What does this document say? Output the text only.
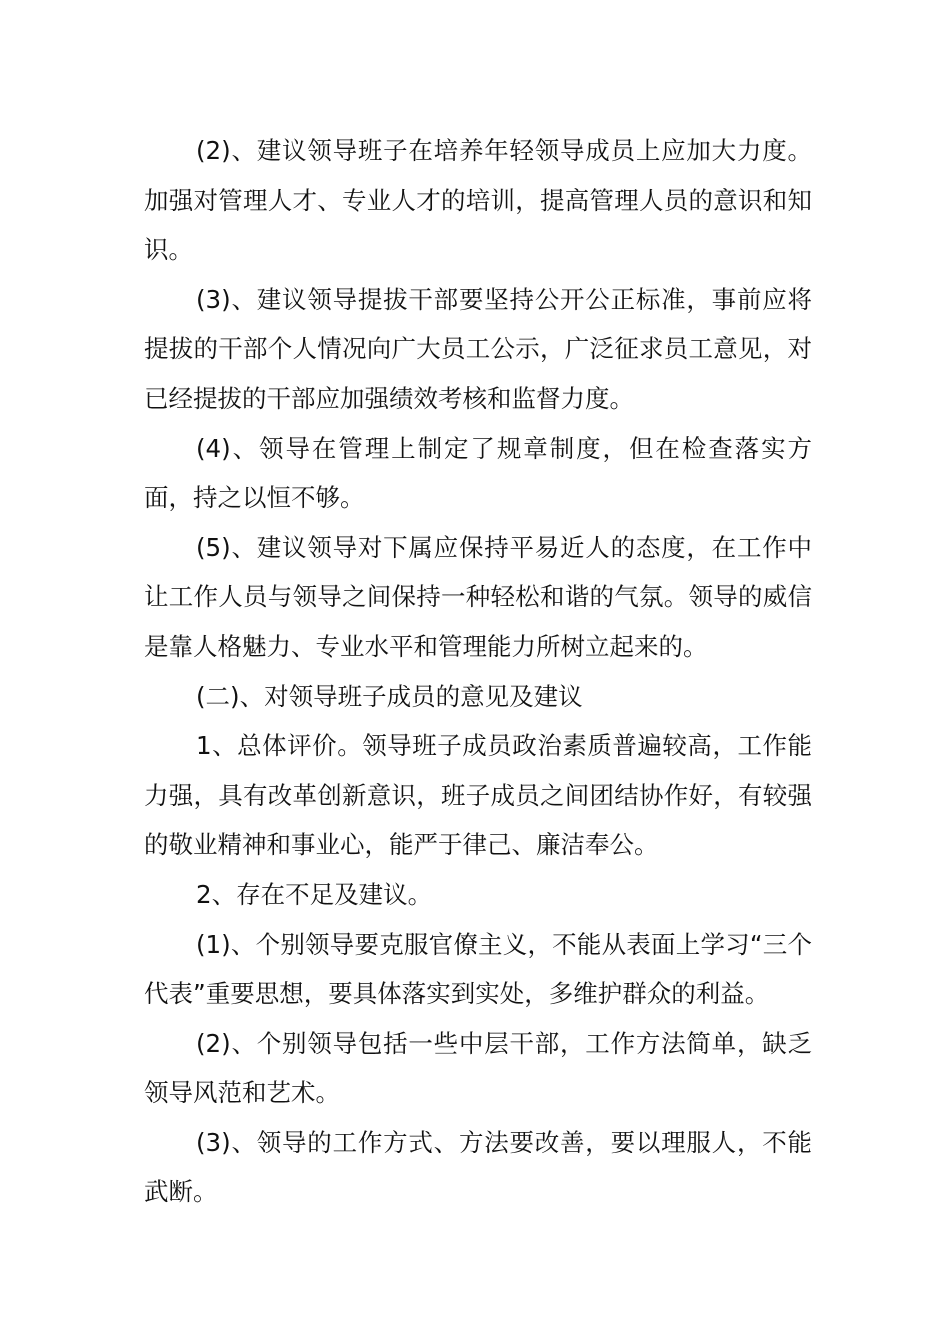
(2)、建议领导班子在培养年轻领导成员上应加大力度。加强对管理人才、专业人才的培训，提高管理人员的意识和知识。

(3)、建议领导提拔干部要坚持公开公正标准，事前应将提拔的干部个人情况向广大员工公示，广泛征求员工意见，对已经提拔的干部应加强绩效考核和监督力度。

(4)、领导在管理上制定了规章制度，但在检查落实方面，持之以恒不够。

(5)、建议领导对下属应保持平易近人的态度，在工作中让工作人员与领导之间保持一种轻松和谐的气氛。领导的威信是靠人格魅力、专业水平和管理能力所树立起来的。

(二)、对领导班子成员的意见及建议

1、总体评价。领导班子成员政治素质普遍较高，工作能力强，具有改革创新意识，班子成员之间团结协作好，有较强的敬业精神和事业心，能严于律己、廉洁奉公。

2、存在不足及建议。

(1)、个别领导要克服官僚主义，不能从表面上学习“三个代表”重要思想，要具体落实到实处，多维护群众的利益。

(2)、个别领导包括一些中层干部，工作方法简单，缺乏领导风范和艺术。

(3)、领导的工作方式、方法要改善，要以理服人，不能武断。
